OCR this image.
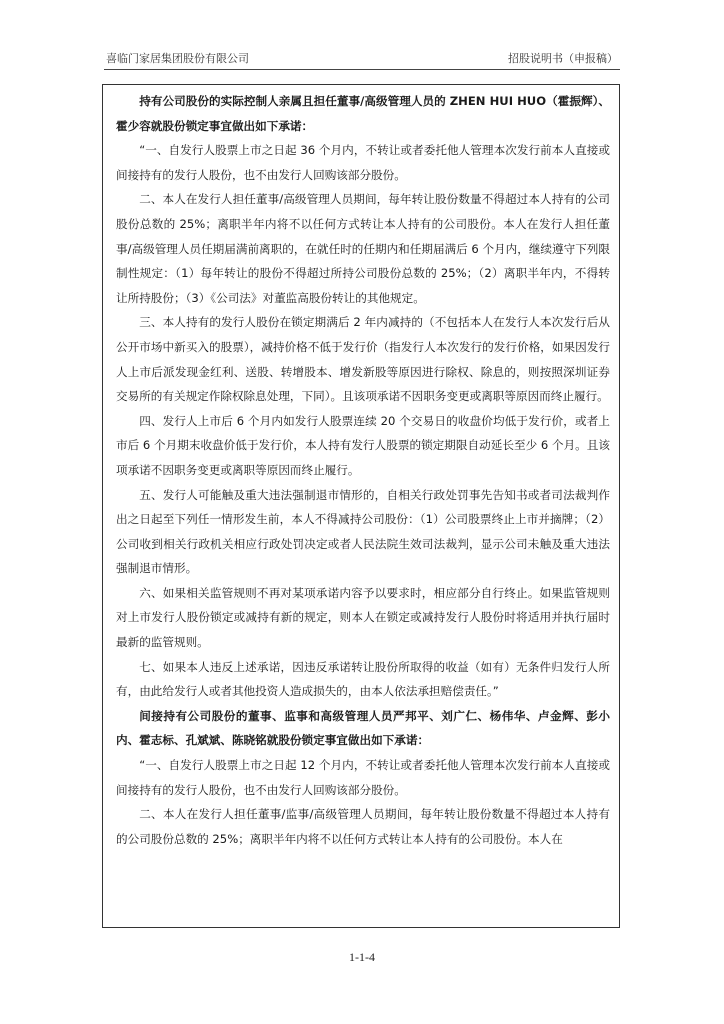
喜临门家居集团股份有限公司	招股说明书（申报稿）

持有公司股份的实际控制人亲属且担任董事/高级管理人员的 ZHEN HUI HUO（霍振辉）、霍少容就股份锁定事宜做出如下承诺：

“一、自发行人股票上市之日起 36 个月内，不转让或者委托他人管理本次发行前本人直接或间接持有的发行人股份，也不由发行人回购该部分股份。

二、本人在发行人担任董事/高级管理人员期间，每年转让股份数量不得超过本人持有的公司股份总数的 25%；离职半年内将不以任何方式转让本人持有的公司股份。本人在发行人担任董事/高级管理人员任期届满前离职的，在就任时的任期内和任期届满后 6 个月内，继续遵守下列限制性规定：（1）每年转让的股份不得超过所持公司股份总数的 25%；（2）离职半年内，不得转让所持股份；（3）《公司法》对董监高股份转让的其他规定。

三、本人持有的发行人股份在锁定期满后 2 年内减持的（不包括本人在发行人本次发行后从公开市场中新买入的股票），减持价格不低于发行价（指发行人本次发行的发行价格，如果因发行人上市后派发现金红利、送股、转增股本、增发新股等原因进行除权、除息的，则按照深圳证券交易所的有关规定作除权除息处理，下同）。且该项承诺不因职务变更或离职等原因而终止履行。

四、发行人上市后 6 个月内如发行人股票连续 20 个交易日的收盘价均低于发行价，或者上市后 6 个月期末收盘价低于发行价，本人持有发行人股票的锁定期限自动延长至少 6 个月。且该项承诺不因职务变更或离职等原因而终止履行。

五、发行人可能触及重大违法强制退市情形的，自相关行政处罚事先告知书或者司法裁判作出之日起至下列任一情形发生前，本人不得减持公司股份：（1）公司股票终止上市并摘牌；（2）公司收到相关行政机关相应行政处罚决定或者人民法院生效司法裁判，显示公司未触及重大违法强制退市情形。

六、如果相关监管规则不再对某项承诺内容予以要求时，相应部分自行终止。如果监管规则对上市发行人股份锁定或减持有新的规定，则本人在锁定或减持发行人股份时将适用并执行届时最新的监管规则。

七、如果本人违反上述承诺，因违反承诺转让股份所取得的收益（如有）无条件归发行人所有，由此给发行人或者其他投资人造成损失的，由本人依法承担赔偿责任。”

间接持有公司股份的董事、监事和高级管理人员严邦平、刘广仁、杨伟华、卢金辉、彭小内、霍志标、孔斌斌、陈晓铭就股份锁定事宜做出如下承诺：

“一、自发行人股票上市之日起 12 个月内，不转让或者委托他人管理本次发行前本人直接或间接持有的发行人股份，也不由发行人回购该部分股份。

二、本人在发行人担任董事/监事/高级管理人员期间，每年转让股份数量不得超过本人持有的公司股份总数的 25%；离职半年内将不以任何方式转让本人持有的公司股份。本人在

1-1-4
